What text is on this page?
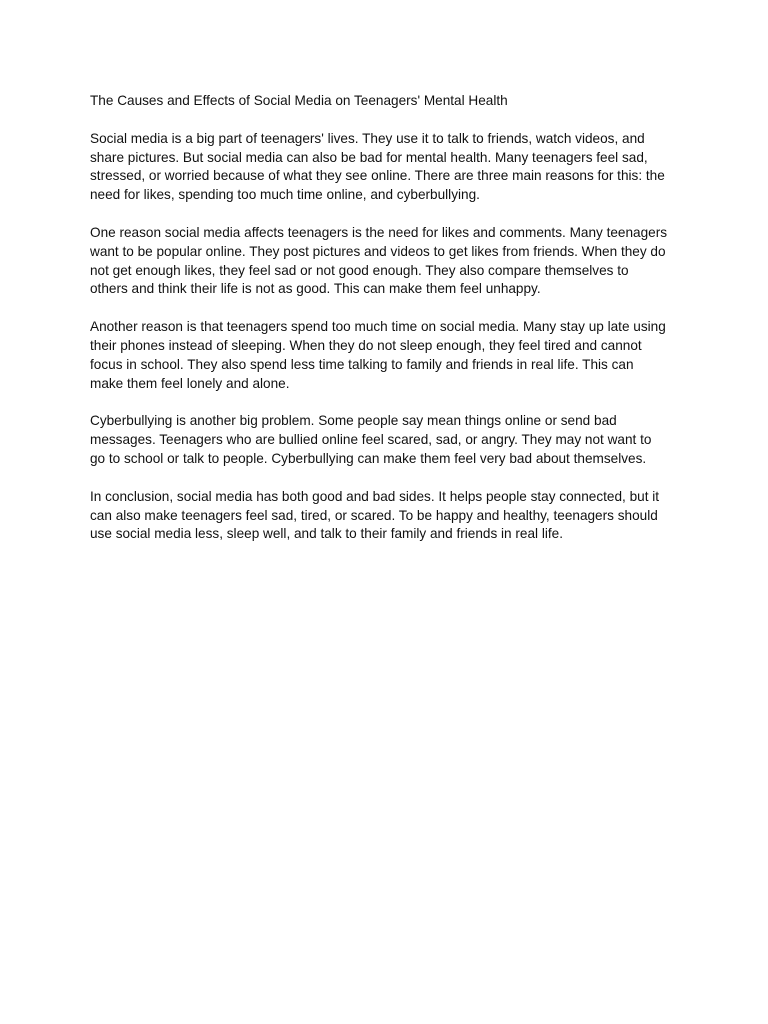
The Causes and Effects of Social Media on Teenagers' Mental Health

Social media is a big part of teenagers' lives. They use it to talk to friends, watch videos, and
share pictures. But social media can also be bad for mental health. Many teenagers feel sad,
stressed, or worried because of what they see online. There are three main reasons for this: the
need for likes, spending too much time online, and cyberbullying.

One reason social media affects teenagers is the need for likes and comments. Many teenagers
want to be popular online. They post pictures and videos to get likes from friends. When they do
not get enough likes, they feel sad or not good enough. They also compare themselves to
others and think their life is not as good. This can make them feel unhappy.

Another reason is that teenagers spend too much time on social media. Many stay up late using
their phones instead of sleeping. When they do not sleep enough, they feel tired and cannot
focus in school. They also spend less time talking to family and friends in real life. This can
make them feel lonely and alone.

Cyberbullying is another big problem. Some people say mean things online or send bad
messages. Teenagers who are bullied online feel scared, sad, or angry. They may not want to
go to school or talk to people. Cyberbullying can make them feel very bad about themselves.

In conclusion, social media has both good and bad sides. It helps people stay connected, but it
can also make teenagers feel sad, tired, or scared. To be happy and healthy, teenagers should
use social media less, sleep well, and talk to their family and friends in real life.
